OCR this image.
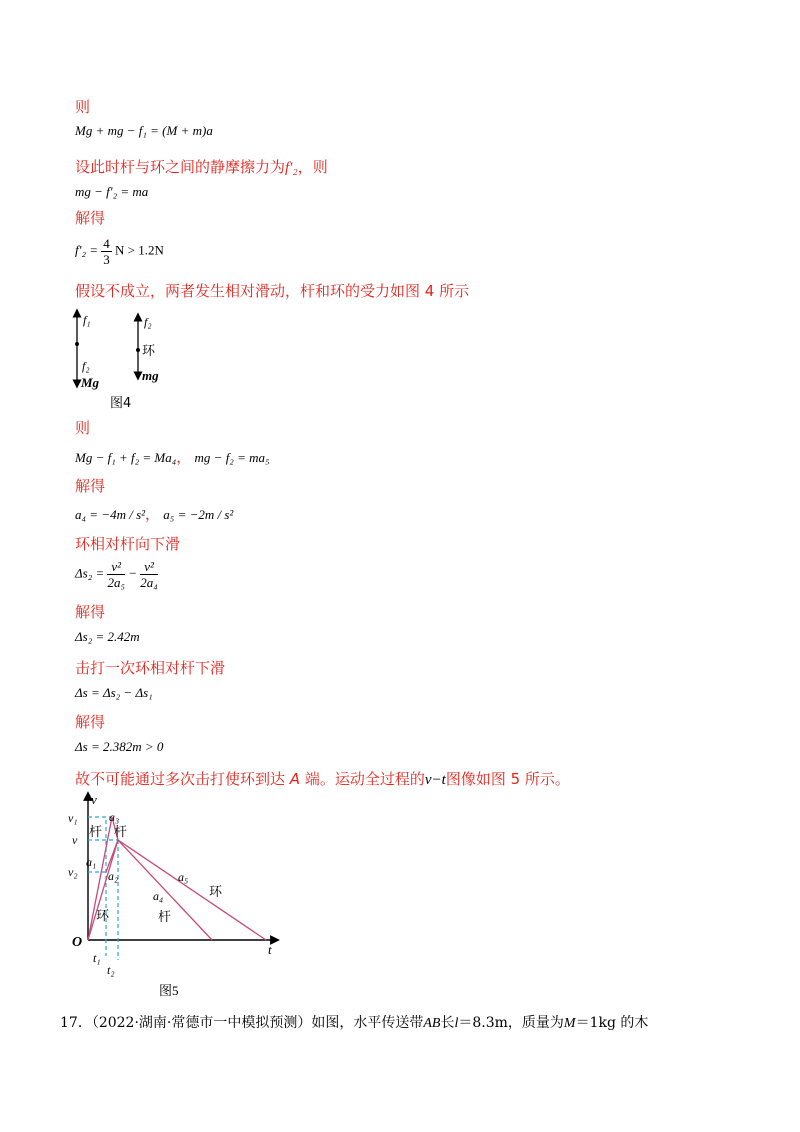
则
Mg + mg − f₁ = (M + m)a
设此时杆与环之间的静摩擦力为f′₂，则
mg − f′₂ = ma
解得
$f'_2 = \frac{4}{3}$ N > 1.2N
假设不成立，两者发生相对滑动，杆和环的受力如图 4 所示
f₁
f₂
Mg
f₂
环
mg
图4
则
Mg − f₁ + f₂ = Ma₄， mg − f₂ = ma₅
解得
a₄ = −4m / s²， a₅ = −2m / s²
环相对杆向下滑
$\Delta s_2 = \frac{\text{v²}}{\text{2a₅}} - \frac{\text{v²}}{\text{2a₄}}$
解得
Δs₂ = 2.42m
击打一次环相对杆下滑
Δs = Δs₂ − Δs₁
解得
Δs = 2.382m > 0
故不可能通过多次击打使环到达 A 端。运动全过程的v−t图像如图 5 所示。
v
t
O
v₁
v
v₂
t₁
t₂
a₃
a₁
a₂
a₄
a₅
杆 杆
环	杆
环
图5
17．（2022·湖南·常德市一中模拟预测）如图，水平传送带AB长l＝8.3m，质量为M＝1kg 的木
